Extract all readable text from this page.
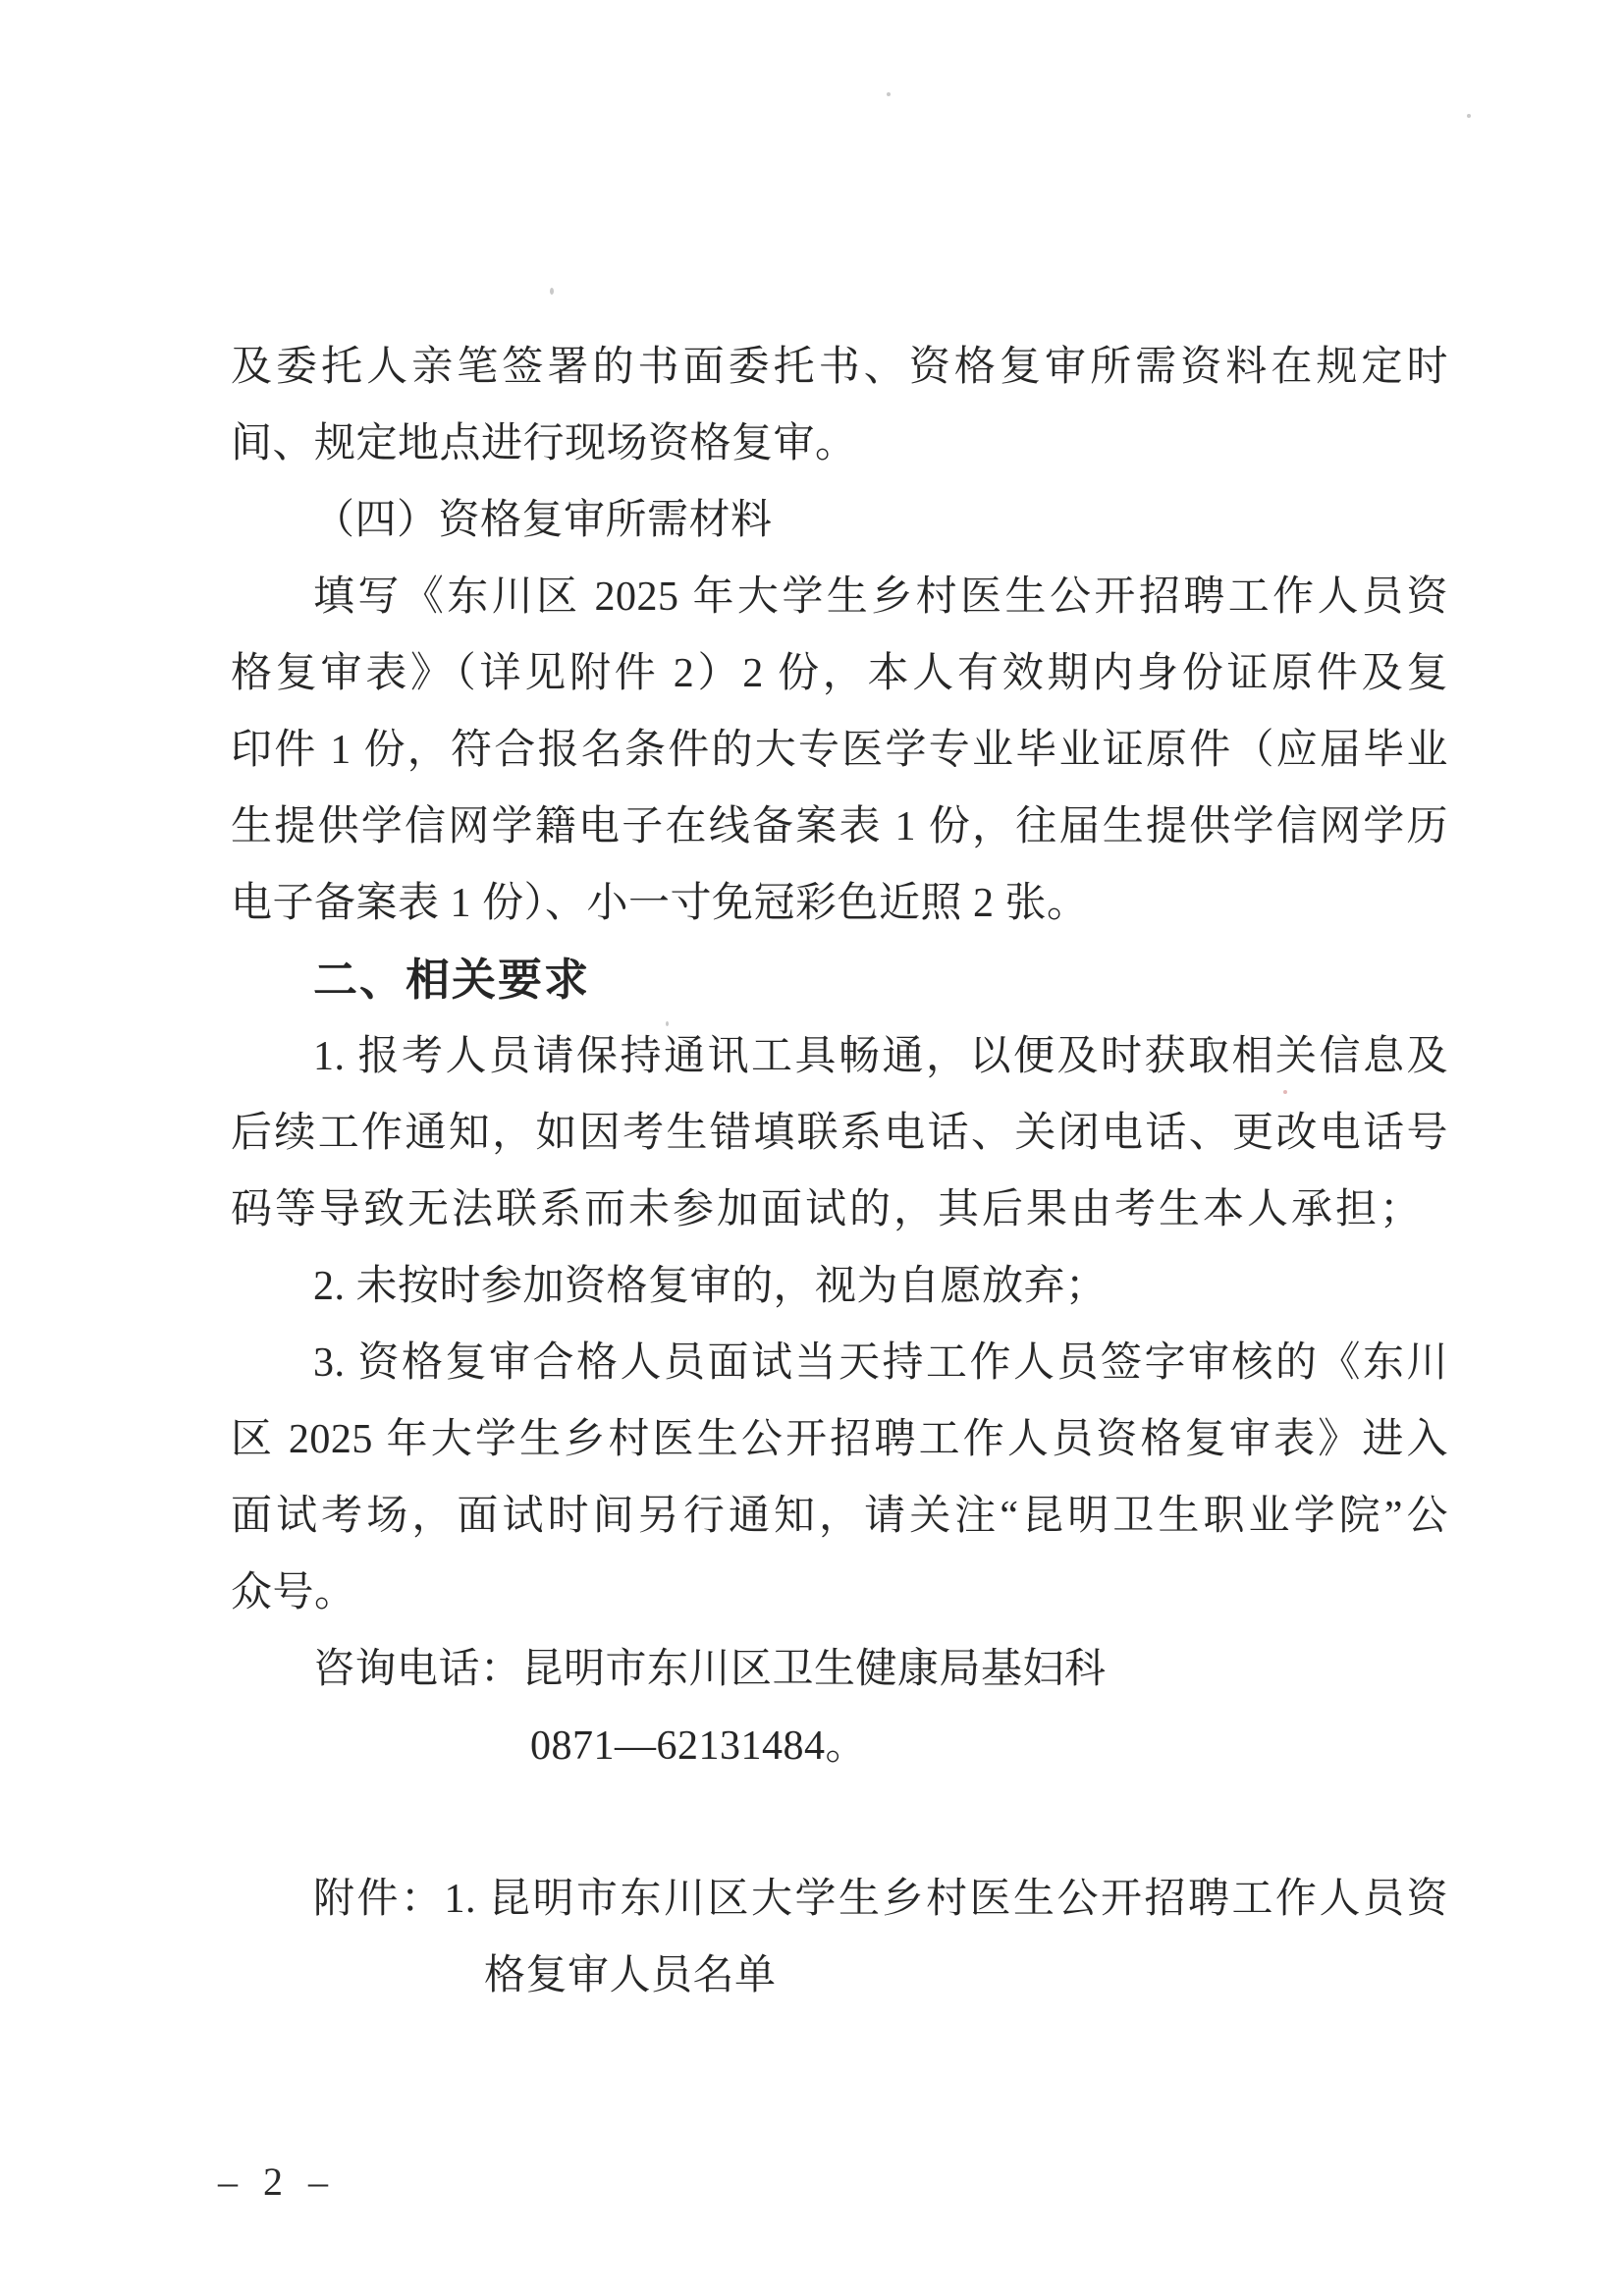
及委托人亲笔签署的书面委托书、资格复审所需资料在规定时

间、规定地点进行现场资格复审。

（四）资格复审所需材料

填写《东川区 2025 年大学生乡村医生公开招聘工作人员资

格复审表》（详见附件 2）2 份，本人有效期内身份证原件及复

印件 1 份，符合报名条件的大专医学专业毕业证原件（应届毕业

生提供学信网学籍电子在线备案表 1 份，往届生提供学信网学历

电子备案表 1 份）、小一寸免冠彩色近照 2 张。

二、相关要求

1. 报考人员请保持通讯工具畅通，以便及时获取相关信息及

后续工作通知，如因考生错填联系电话、关闭电话、更改电话号

码等导致无法联系而未参加面试的，其后果由考生本人承担；

2. 未按时参加资格复审的，视为自愿放弃；

3. 资格复审合格人员面试当天持工作人员签字审核的《东川

区 2025 年大学生乡村医生公开招聘工作人员资格复审表》进入

面试考场，面试时间另行通知，请关注“昆明卫生职业学院”公

众号。

咨询电话：昆明市东川区卫生健康局基妇科

0871—62131484。

附件：1. 昆明市东川区大学生乡村医生公开招聘工作人员资

格复审人员名单

– 2 –
